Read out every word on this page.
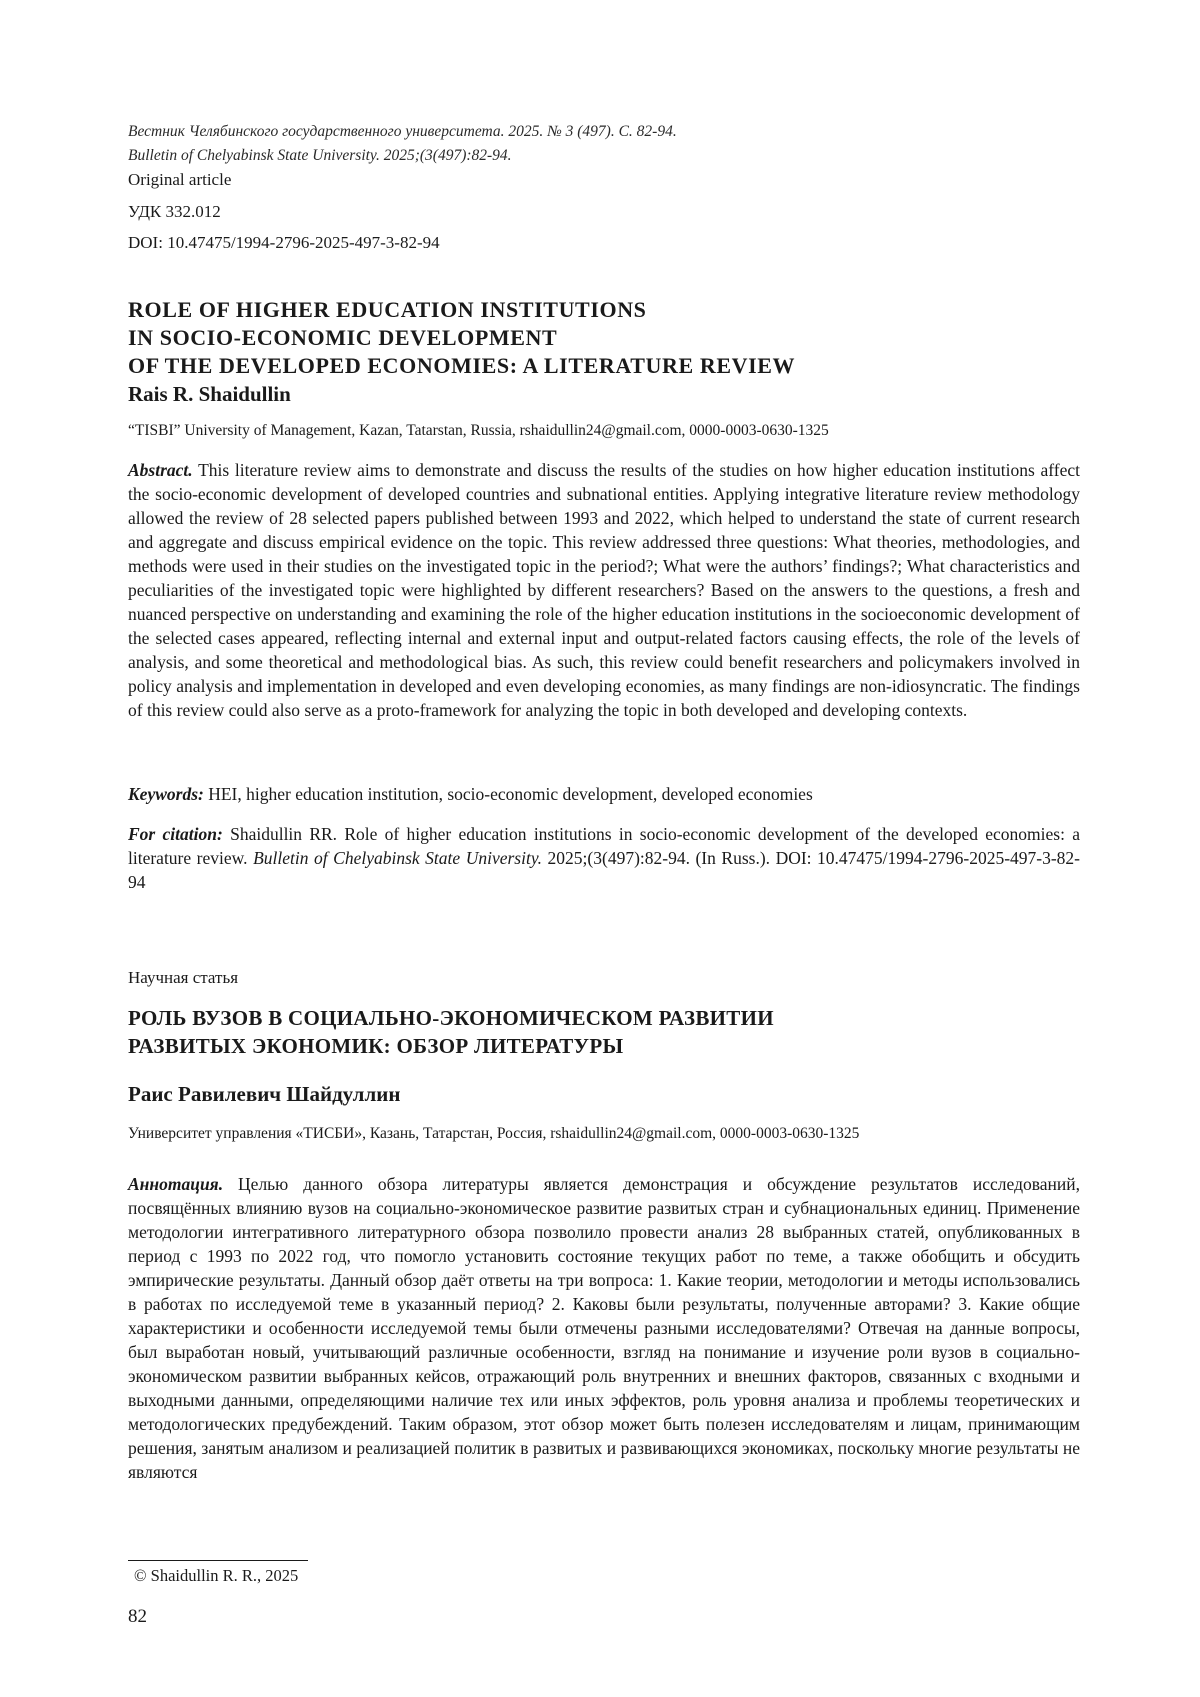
Вестник Челябинского государственного университета. 2025. № 3 (497). С. 82-94.
Bulletin of Chelyabinsk State University. 2025;(3(497):82-94.
Original article
УДК 332.012
DOI: 10.47475/1994-2796-2025-497-3-82-94
ROLE OF HIGHER EDUCATION INSTITUTIONS
IN SOCIO-ECONOMIC DEVELOPMENT
OF THE DEVELOPED ECONOMIES: A LITERATURE REVIEW
Rais R. Shaidullin
“TISBI” University of Management, Kazan, Tatarstan, Russia, rshaidullin24@gmail.com, 0000-0003-0630-1325
Abstract. This literature review aims to demonstrate and discuss the results of the studies on how higher education institutions affect the socio-economic development of developed countries and subnational entities. Applying integrative literature review methodology allowed the review of 28 selected papers published between 1993 and 2022, which helped to understand the state of current research and aggregate and discuss empirical evidence on the topic. This review addressed three questions: What theories, methodologies, and methods were used in their studies on the investigated topic in the period?; What were the authors’ findings?; What characteristics and peculiarities of the investigated topic were highlighted by different researchers? Based on the answers to the questions, a fresh and nuanced perspective on understanding and examining the role of the higher education institutions in the socioeconomic development of the selected cases appeared, reflecting internal and external input and output-related factors causing effects, the role of the levels of analysis, and some theoretical and methodological bias. As such, this review could benefit researchers and policymakers involved in policy analysis and implementation in developed and even developing economies, as many findings are non-idiosyncratic. The findings of this review could also serve as a proto-framework for analyzing the topic in both developed and developing contexts.
Keywords: HEI, higher education institution, socio-economic development, developed economies
For citation: Shaidullin RR. Role of higher education institutions in socio-economic development of the developed economies: a literature review. Bulletin of Chelyabinsk State University. 2025;(3(497):82-94. (In Russ.). DOI: 10.47475/1994-2796-2025-497-3-82-94
Научная статья
РОЛЬ ВУЗОВ В СОЦИАЛЬНО-ЭКОНОМИЧЕСКОМ РАЗВИТИИ
РАЗВИТЫХ ЭКОНОМИК: ОБЗОР ЛИТЕРАТУРЫ
Раис Равилевич Шайдуллин
Университет управления «ТИСБИ», Казань, Татарстан, Россия, rshaidullin24@gmail.com, 0000-0003-0630-1325
Аннотация. Целью данного обзора литературы является демонстрация и обсуждение результатов исследований, посвящённых влиянию вузов на социально-экономическое развитие развитых стран и субнациональных единиц. Применение методологии интегративного литературного обзора позволило провести анализ 28 выбранных статей, опубликованных в период с 1993 по 2022 год, что помогло установить состояние текущих работ по теме, а также обобщить и обсудить эмпирические результаты. Данный обзор даёт ответы на три вопроса: 1. Какие теории, методологии и методы использовались в работах по исследуемой теме в указанный период? 2. Каковы были результаты, полученные авторами? 3. Какие общие характеристики и особенности исследуемой темы были отмечены разными исследователями? Отвечая на данные вопросы, был выработан новый, учитывающий различные особенности, взгляд на понимание и изучение роли вузов в социально-экономическом развитии выбранных кейсов, отражающий роль внутренних и внешних факторов, связанных с входными и выходными данными, определяющими наличие тех или иных эффектов, роль уровня анализа и проблемы теоретических и методологических предубеждений. Таким образом, этот обзор может быть полезен исследователям и лицам, принимающим решения, занятым анализом и реализацией политик в развитых и развивающихся экономиках, поскольку многие результаты не являются
© Shaidullin R. R., 2025
82
